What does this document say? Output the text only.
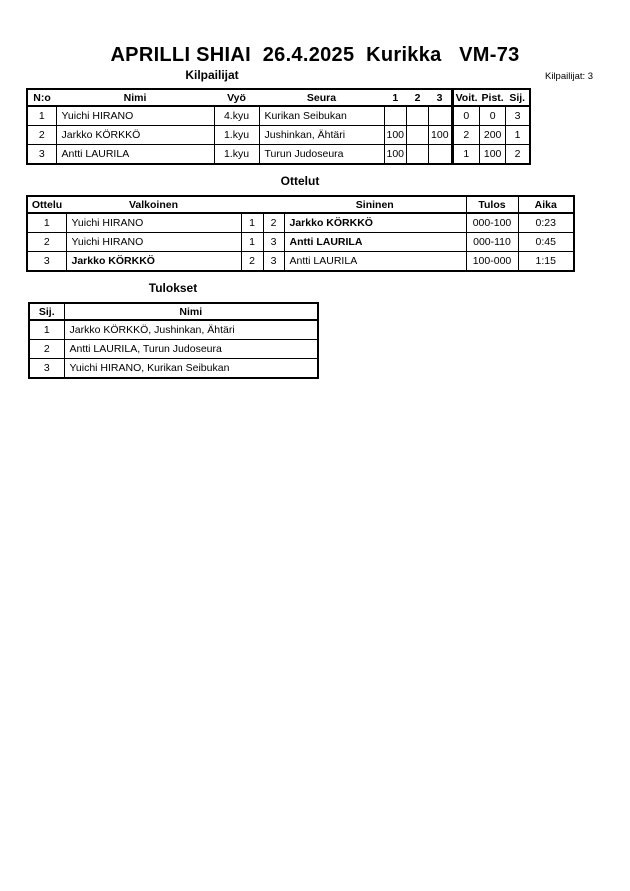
APRILLI SHIAI  26.4.2025  Kurikka   VM-73
Kilpailijat	Kilpailijat: 3
N:o	Nimi	Vyö	Seura	1	2	3	Voit.	Pist.	Sij.
1	Yuichi HIRANO	4.kyu	Kurikan Seibukan				0	0	3
2	Jarkko KÖRKKÖ	1.kyu	Jushinkan, Ähtäri	100		100	2	200	1
3	Antti LAURILA	1.kyu	Turun Judoseura	100			1	100	2
Ottelut
Ottelu	Valkoinen			Sininen	Tulos	Aika
1	Yuichi HIRANO	1	2	Jarkko KÖRKKÖ	000-100	0:23
2	Yuichi HIRANO	1	3	Antti LAURILA	000-110	0:45
3	Jarkko KÖRKKÖ	2	3	Antti LAURILA	100-000	1:15
Tulokset
Sij.	Nimi
1	Jarkko KÖRKKÖ, Jushinkan, Ähtäri
2	Antti LAURILA, Turun Judoseura
3	Yuichi HIRANO, Kurikan Seibukan
